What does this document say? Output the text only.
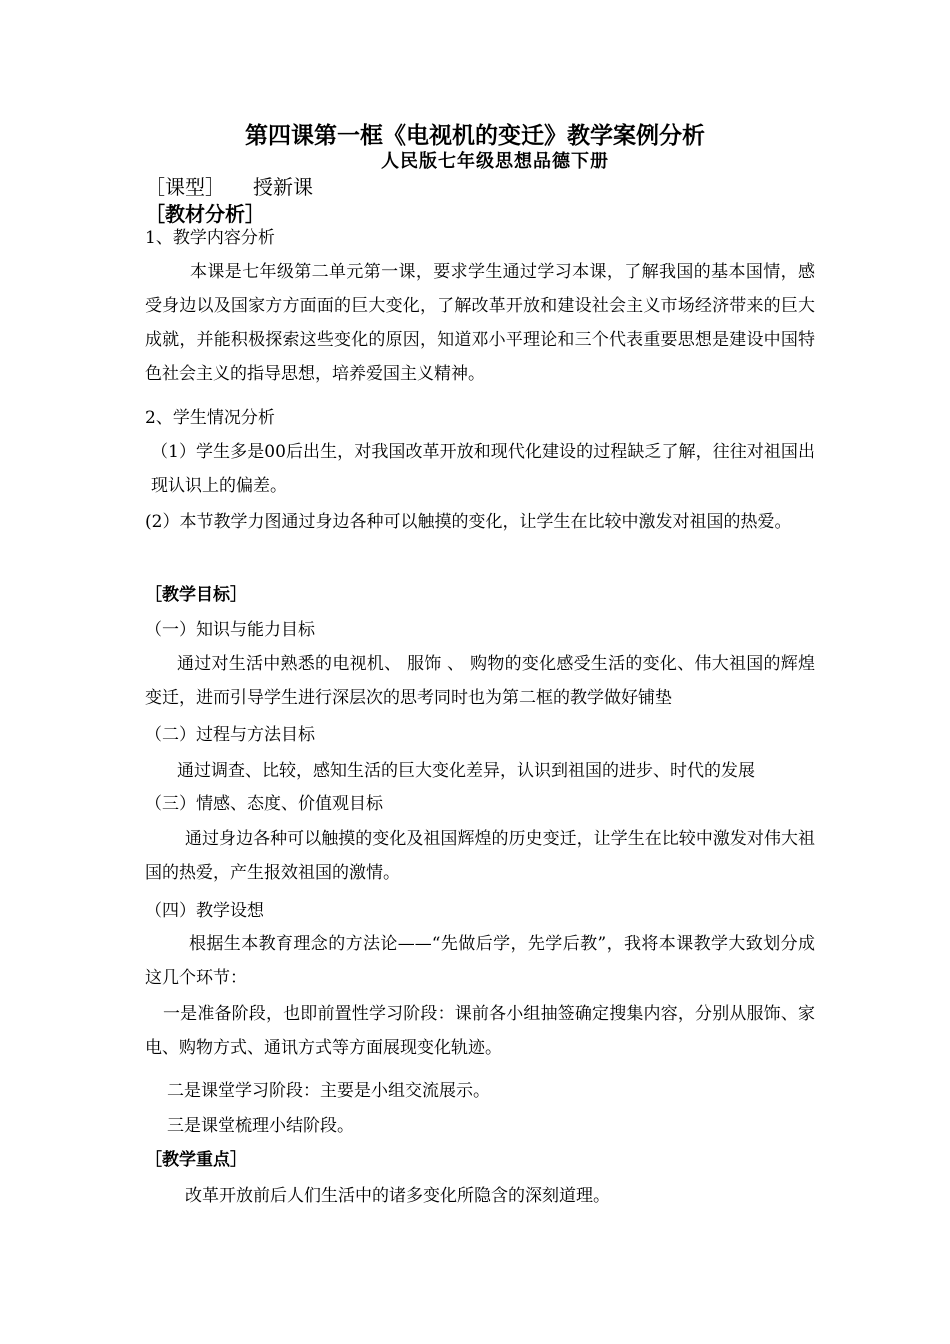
第四课第一框《电视机的变迁》教学案例分析
人民版七年级思想品德下册
［课型］ 授新课
［教材分析］
1、教学内容分析
本课是七年级第二单元第一课，要求学生通过学习本课，了解我国的基本国情，感受身边以及国家方方面面的巨大变化，了解改革开放和建设社会主义市场经济带来的巨大成就，并能积极探索这些变化的原因，知道邓小平理论和三个代表重要思想是建设中国特色社会主义的指导思想，培养爱国主义精神。
2、学生情况分析
（1）学生多是00后出生，对我国改革开放和现代化建设的过程缺乏了解，往往对祖国出现认识上的偏差。
(2）本节教学力图通过身边各种可以触摸的变化，让学生在比较中激发对祖国的热爱。
［教学目标］
（一）知识与能力目标
通过对生活中熟悉的电视机、 服饰 、 购物的变化感受生活的变化、伟大祖国的辉煌变迁，进而引导学生进行深层次的思考同时也为第二框的教学做好铺垫
（二）过程与方法目标
通过调查、比较，感知生活的巨大变化差异，认识到祖国的进步、时代的发展
（三）情感、态度、价值观目标
通过身边各种可以触摸的变化及祖国辉煌的历史变迁，让学生在比较中激发对伟大祖国的热爱，产生报效祖国的激情。
（四）教学设想
根据生本教育理念的方法论——“先做后学，先学后教”，我将本课教学大致划分成这几个环节：
一是准备阶段，也即前置性学习阶段：课前各小组抽签确定搜集内容，分别从服饰、家电、购物方式、通讯方式等方面展现变化轨迹。
二是课堂学习阶段：主要是小组交流展示。
三是课堂梳理小结阶段。
［教学重点］
改革开放前后人们生活中的诸多变化所隐含的深刻道理。
